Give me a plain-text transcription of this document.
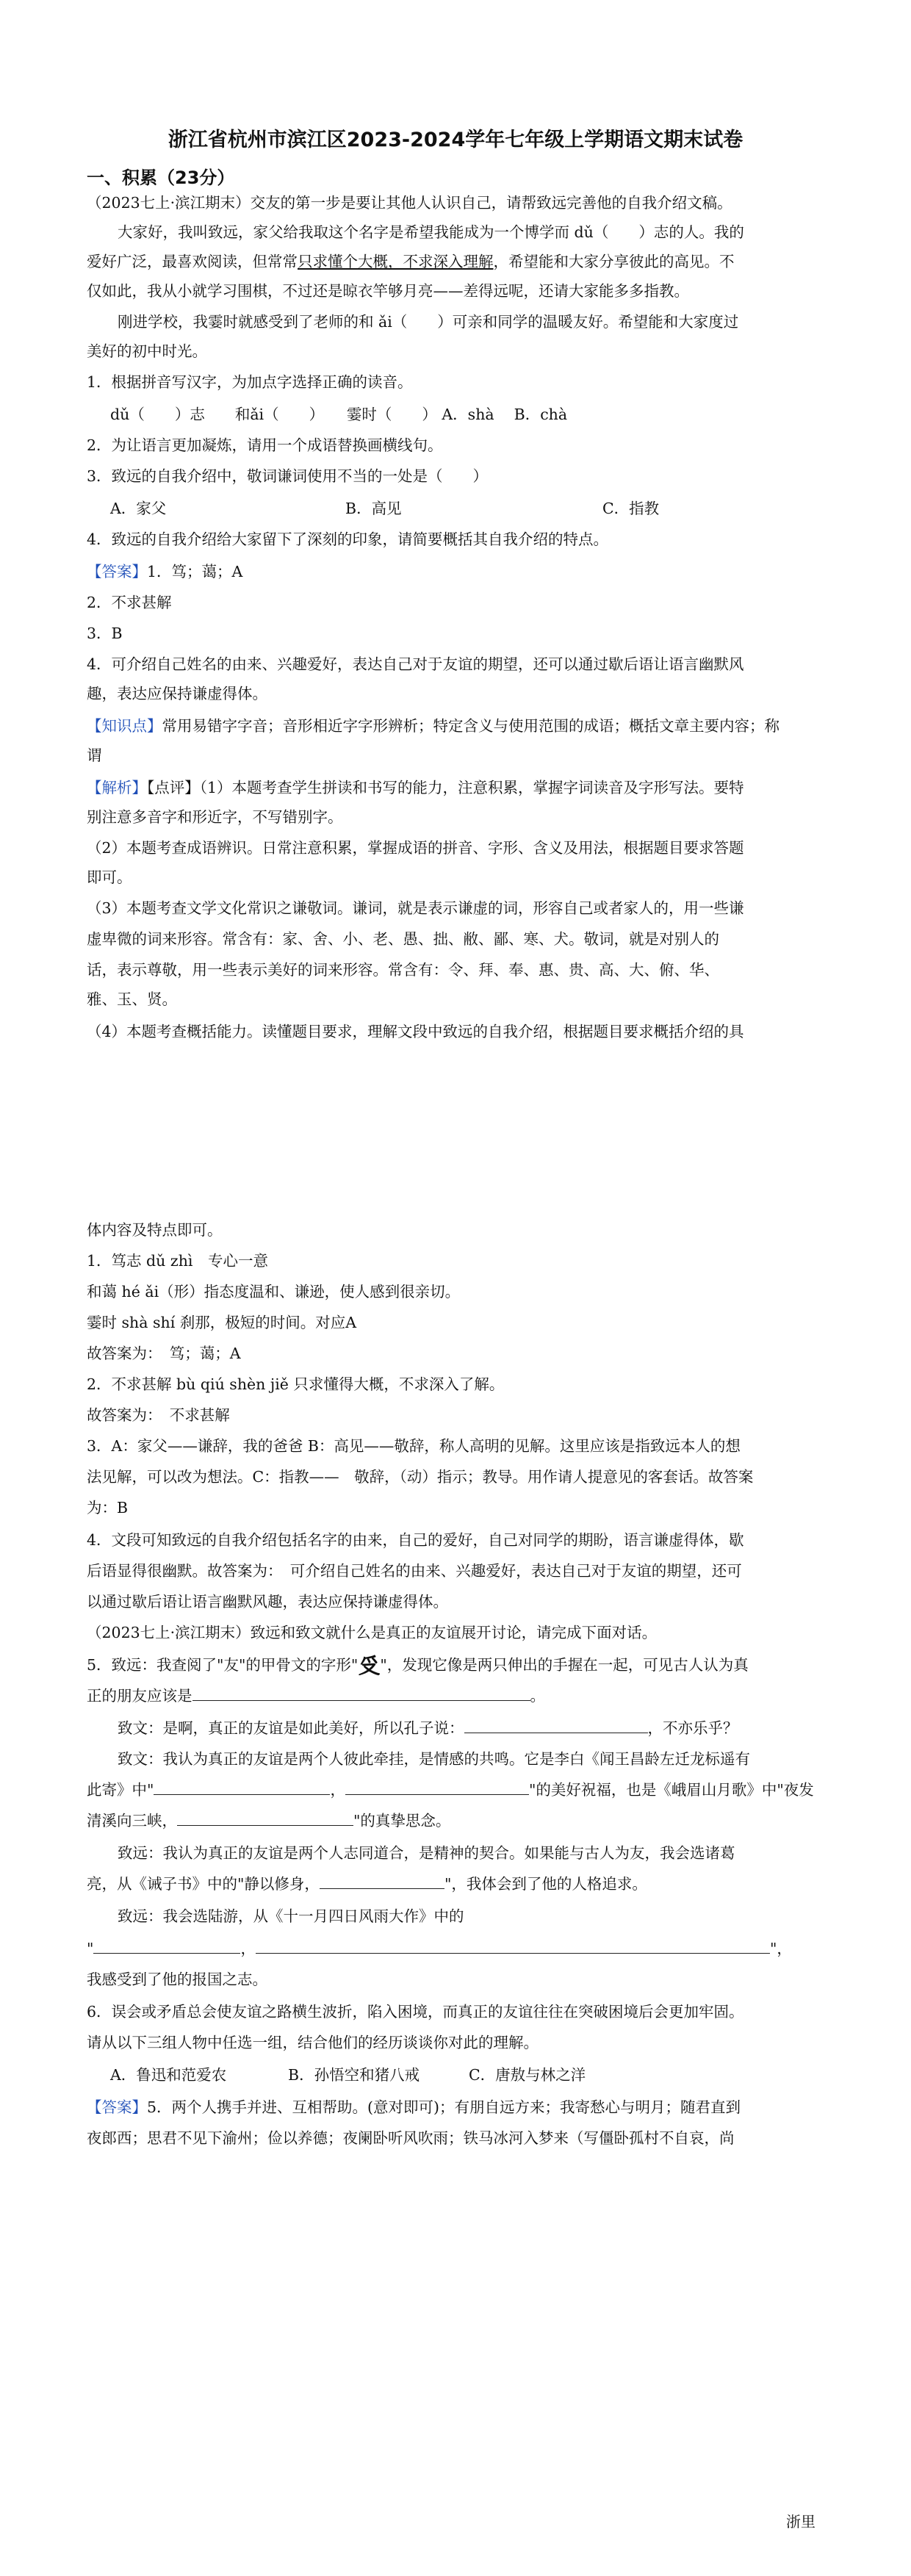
浙江省杭州市滨江区2023-2024学年七年级上学期语文期末试卷
一、积累（23分）
（2023七上·滨江期末）交友的第一步是要让其他人认识自己，请帮致远完善他的自我介绍文稿。
大家好，我叫致远，家父给我取这个名字是希望我能成为一个博学而 dǔ（　　）志的人。我的
爱好广泛，最喜欢阅读，但常常只求懂个大概，不求深入理解，希望能和大家分享彼此的高见。不
仅如此，我从小就学习围棋，不过还是晾衣竿够月亮——差得远呢，还请大家能多多指教。
刚进学校，我霎时就感受到了老师的和 ǎi（　　）可亲和同学的温暖友好。希望能和大家度过
美好的初中时光。
1．根据拼音写汉字，为加点字选择正确的读音。
dǔ（　　）志　　和ǎi（　　）　　霎时（　　） A．shà　 B．chà
2．为让语言更加凝炼，请用一个成语替换画横线句。
3．致远的自我介绍中，敬词谦词使用不当的一处是（　　）
A．家父	B．高见	C．指教
4．致远的自我介绍给大家留下了深刻的印象，请简要概括其自我介绍的特点。
【答案】1．笃；蔼；A
2．不求甚解
3．B
4．可介绍自己姓名的由来、兴趣爱好，表达自己对于友谊的期望，还可以通过歇后语让语言幽默风
趣，表达应保持谦虚得体。
【知识点】常用易错字字音；音形相近字字形辨析；特定含义与使用范围的成语；概括文章主要内容；称
谓
【解析】【点评】（1）本题考查学生拼读和书写的能力，注意积累，掌握字词读音及字形写法。要特
别注意多音字和形近字，不写错别字。
（2）本题考查成语辨识。日常注意积累，掌握成语的拼音、字形、含义及用法，根据题目要求答题
即可。
（3）本题考查文学文化常识之谦敬词。谦词，就是表示谦虚的词，形容自己或者家人的，用一些谦
虚卑微的词来形容。常含有：家、舍、小、老、愚、拙、敝、鄙、寒、犬。敬词，就是对别人的
话，表示尊敬，用一些表示美好的词来形容。常含有：令、拜、奉、惠、贵、高、大、俯、华、
雅、玉、贤。
（4）本题考查概括能力。读懂题目要求，理解文段中致远的自我介绍，根据题目要求概括介绍的具
体内容及特点即可。
1．笃志 dǔ zhì　专心一意
和蔼 hé ǎi（形）指态度温和、谦逊，使人感到很亲切。
霎时 shà shí 刹那，极短的时间。对应A
故答案为：　笃；蔼；A
2．不求甚解 bù qiú shèn jiě 只求懂得大概，不求深入了解。
故答案为：　不求甚解
3．A：家父——谦辞，我的爸爸 B：高见——敬辞，称人高明的见解。这里应该是指致远本人的想
法见解，可以改为想法。C：指教——　敬辞，（动）指示；教导。用作请人提意见的客套话。故答案
为：B
4．文段可知致远的自我介绍包括名字的由来，自己的爱好，自己对同学的期盼，语言谦虚得体，歇
后语显得很幽默。故答案为：　可介绍自己姓名的由来、兴趣爱好，表达自己对于友谊的期望，还可
以通过歇后语让语言幽默风趣，表达应保持谦虚得体。
（2023七上·滨江期末）致远和致文就什么是真正的友谊展开讨论，请完成下面对话。
5．致远：我查阅了"友"的甲骨文的字形"𠬪"，发现它像是两只伸出的手握在一起，可见古人认为真
正的朋友应该是	。
致文：是啊，真正的友谊是如此美好，所以孔子说：	，不亦乐乎？
致文：我认为真正的友谊是两个人彼此牵挂，是情感的共鸣。它是李白《闻王昌龄左迁龙标遥有
此寄》中"	，	"的美好祝福，也是《峨眉山月歌》中"夜发
清溪向三峡，	"的真挚思念。
致远：我认为真正的友谊是两个人志同道合，是精神的契合。如果能与古人为友，我会选诸葛
亮，从《诫子书》中的"静以修身，	"，我体会到了他的人格追求。
致远：我会选陆游，从《十一月四日风雨大作》中的
"	，	"，
我感受到了他的报国之志。
6．误会或矛盾总会使友谊之路横生波折，陷入困境，而真正的友谊往往在突破困境后会更加牢固。
请从以下三组人物中任选一组，结合他们的经历谈谈你对此的理解。
A．鲁迅和范爱农	B．孙悟空和猪八戒	C．唐敖与林之洋
【答案】5．两个人携手并进、互相帮助。(意对即可)；有朋自远方来；我寄愁心与明月；随君直到
夜郎西；思君不见下渝州；俭以养德；夜阑卧听风吹雨；铁马冰河入梦来（写僵卧孤村不自哀，尚
浙里
